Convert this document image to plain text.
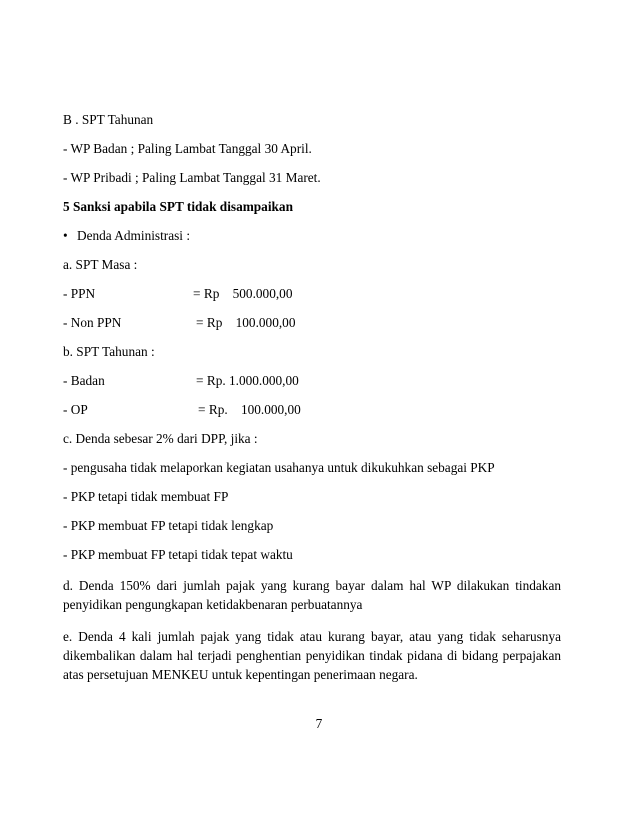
B . SPT Tahunan
- WP Badan ; Paling Lambat Tanggal 30 April.
- WP Pribadi ; Paling Lambat Tanggal 31 Maret.
5 Sanksi apabila SPT tidak disampaikan
• Denda Administrasi :
a. SPT Masa :
- PPN	= Rp    500.000,00
- Non PPN	= Rp    100.000,00
b. SPT Tahunan :
- Badan	= Rp. 1.000.000,00
- OP	= Rp.    100.000,00
c. Denda sebesar 2% dari DPP, jika :
- pengusaha tidak melaporkan kegiatan usahanya untuk dikukuhkan sebagai PKP
- PKP tetapi tidak membuat FP
- PKP membuat FP tetapi tidak lengkap
- PKP membuat FP tetapi tidak tepat waktu
d. Denda 150% dari jumlah pajak yang kurang bayar dalam hal WP dilakukan tindakan penyidikan pengungkapan ketidakbenaran perbuatannya
e. Denda 4 kali jumlah pajak yang tidak atau kurang bayar, atau yang tidak seharusnya dikembalikan dalam hal terjadi penghentian penyidikan tindak pidana di bidang perpajakan atas persetujuan MENKEU untuk kepentingan penerimaan negara.
7
